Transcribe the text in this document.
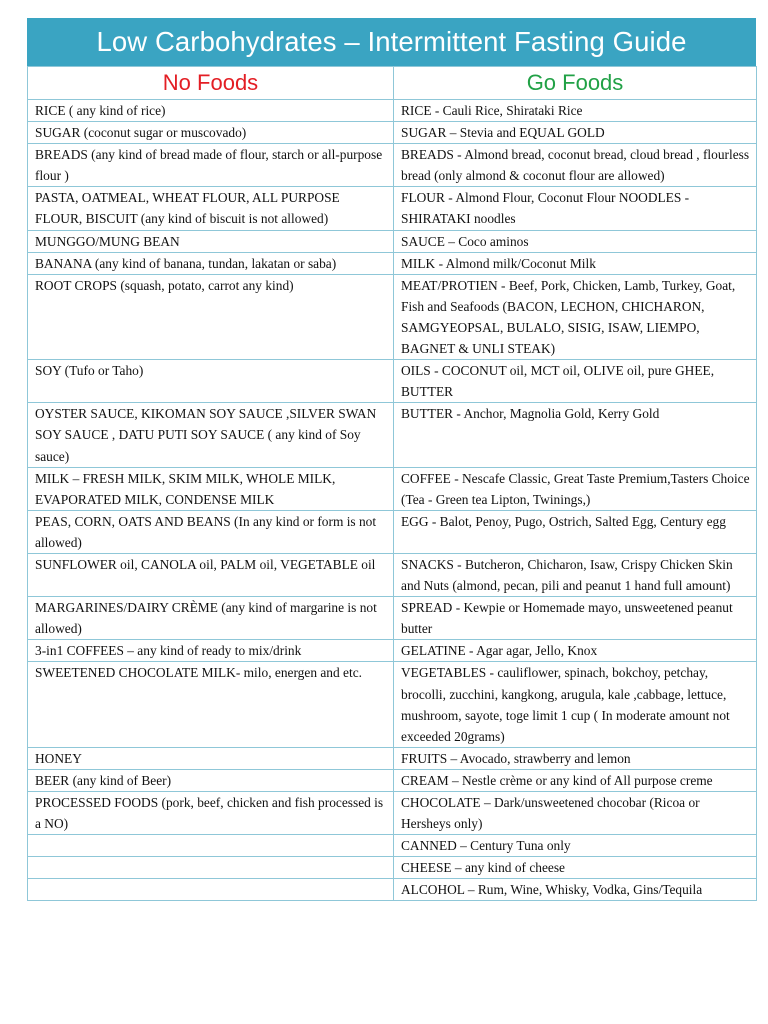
Low Carbohydrates – Intermittent Fasting Guide
No Foods	Go Foods
RICE ( any kind of rice)	RICE - Cauli Rice, Shirataki Rice
SUGAR (coconut sugar or muscovado)	SUGAR – Stevia and EQUAL GOLD
BREADS (any kind of bread made of flour, starch or all-purpose flour )	BREADS - Almond bread, coconut bread, cloud bread , flourless bread (only almond & coconut flour are allowed)
PASTA, OATMEAL, WHEAT FLOUR, ALL PURPOSE FLOUR, BISCUIT (any kind of biscuit is not allowed)	FLOUR - Almond Flour, Coconut Flour NOODLES - SHIRATAKI noodles
MUNGGO/MUNG BEAN	SAUCE – Coco aminos
BANANA (any kind of banana, tundan, lakatan or saba)	MILK - Almond milk/Coconut Milk
ROOT CROPS (squash, potato, carrot any kind)	MEAT/PROTIEN - Beef, Pork, Chicken, Lamb, Turkey, Goat, Fish and Seafoods (BACON, LECHON, CHICHARON, SAMGYEOPSAL, BULALO, SISIG, ISAW, LIEMPO, BAGNET & UNLI STEAK)
SOY (Tufo or Taho)	OILS - COCONUT oil, MCT oil, OLIVE oil, pure GHEE, BUTTER
OYSTER SAUCE, KIKOMAN SOY SAUCE ,SILVER SWAN SOY SAUCE , DATU PUTI SOY SAUCE ( any kind of Soy sauce)	BUTTER - Anchor, Magnolia Gold, Kerry Gold
MILK – FRESH MILK, SKIM MILK, WHOLE MILK, EVAPORATED MILK, CONDENSE MILK	COFFEE - Nescafe Classic, Great Taste Premium,Tasters Choice (Tea - Green tea Lipton, Twinings,)
PEAS, CORN, OATS AND BEANS (In any kind or form is not allowed)	EGG - Balot, Penoy, Pugo, Ostrich, Salted Egg, Century egg
SUNFLOWER oil, CANOLA oil, PALM oil, VEGETABLE oil	SNACKS - Butcheron, Chicharon, Isaw, Crispy Chicken Skin and Nuts (almond, pecan, pili and peanut 1 hand full amount)
MARGARINES/DAIRY CRÈME (any kind of margarine is not allowed)	SPREAD - Kewpie or Homemade mayo, unsweetened peanut butter
3-in1 COFFEES – any kind of ready to mix/drink	GELATINE - Agar agar, Jello, Knox
SWEETENED CHOCOLATE MILK- milo, energen and etc.	VEGETABLES - cauliflower, spinach, bokchoy, petchay, brocolli, zucchini, kangkong, arugula, kale ,cabbage, lettuce, mushroom, sayote, toge limit 1 cup ( In moderate amount not exceeded 20grams)
HONEY	FRUITS – Avocado, strawberry and lemon
BEER (any kind of Beer)	CREAM – Nestle crème or any kind of All purpose creme
PROCESSED FOODS (pork, beef, chicken and fish processed is a NO)	CHOCOLATE – Dark/unsweetened chocobar (Ricoa or Hersheys only)
	CANNED – Century Tuna only
	CHEESE – any kind of cheese
	ALCOHOL – Rum, Wine, Whisky, Vodka, Gins/Tequila
